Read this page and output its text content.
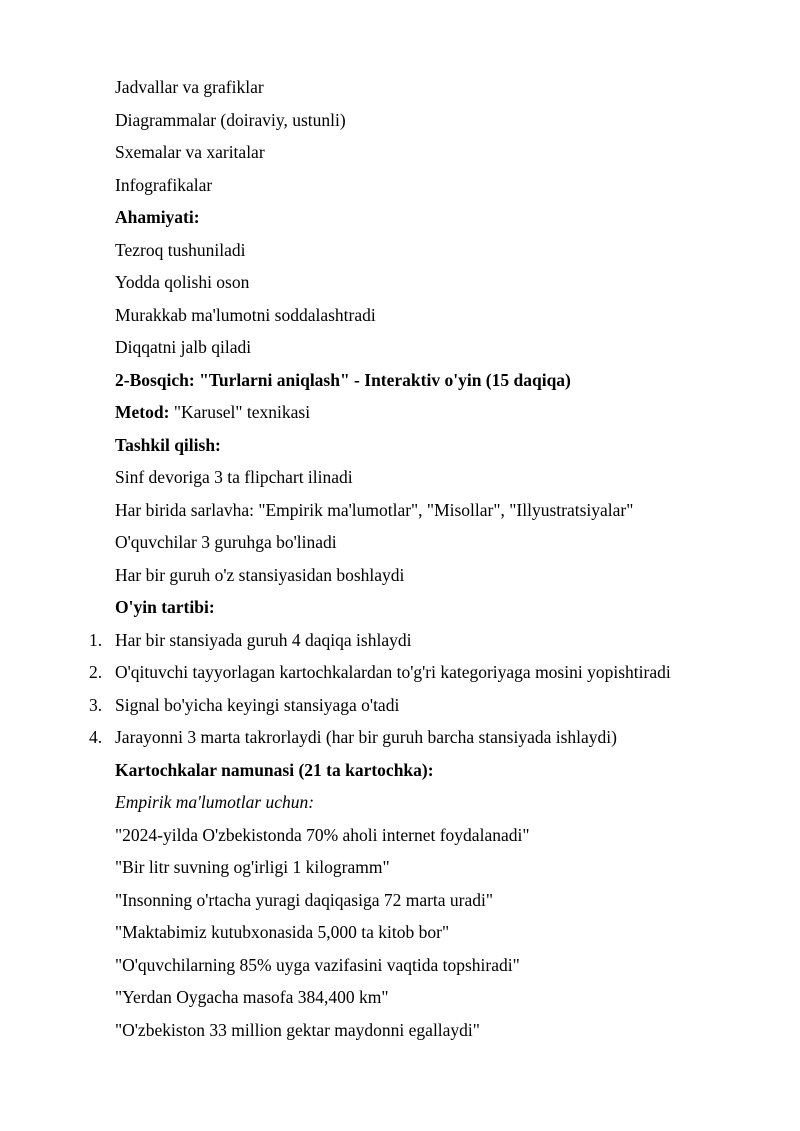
Jadvallar va grafiklar
Diagrammalar (doiraviy, ustunli)
Sxemalar va xaritalar
Infografikalar
Ahamiyati:
Tezroq tushuniladi
Yodda qolishi oson
Murakkab ma'lumotni soddalashtradi
Diqqatni jalb qiladi
2-Bosqich: "Turlarni aniqlash" - Interaktiv o'yin (15 daqiqa)
Metod: "Karusel" texnikasi
Tashkil qilish:
Sinf devoriga 3 ta flipchart ilinadi
Har birida sarlavha: "Empirik ma'lumotlar", "Misollar", "Illyustratsiyalar"
O'quvchilar 3 guruhga bo'linadi
Har bir guruh o'z stansiyasidan boshlaydi
O'yin tartibi:
1. Har bir stansiyada guruh 4 daqiqa ishlaydi
2. O'qituvchi tayyorlagan kartochkalardan to'g'ri kategoriyaga mosini yopishtiradi
3. Signal bo'yicha keyingi stansiyaga o'tadi
4. Jarayonni 3 marta takrorlaydi (har bir guruh barcha stansiyada ishlaydi)
Kartochkalar namunasi (21 ta kartochka):
Empirik ma'lumotlar uchun:
"2024-yilda O'zbekistonda 70% aholi internet foydalanadi"
"Bir litr suvning og'irligi 1 kilogramm"
"Insonning o'rtacha yuragi daqiqasiga 72 marta uradi"
"Maktabimiz kutubxonasida 5,000 ta kitob bor"
"O'quvchilarning 85% uyga vazifasini vaqtida topshiradi"
"Yerdan Oygacha masofa 384,400 km"
"O'zbekiston 33 million gektar maydonni egallaydi"
